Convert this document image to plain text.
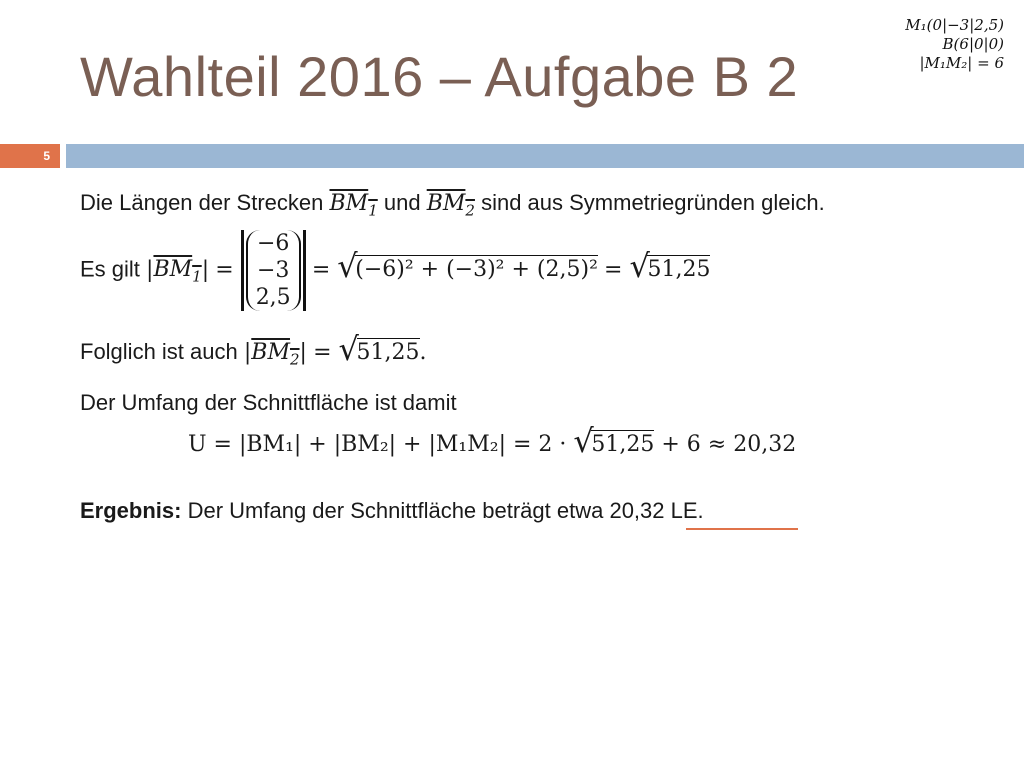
Wahlteil 2016 – Aufgabe B 2
M₁(0|−3|2,5)
B(6|0|0)
|M₁M₂| = 6
5
Die Längen der Strecken $BM_1$ und $BM_2$ sind aus Symmetriegründen gleich.
Es gilt $|BM_1|$ =
−6
−3
2,5
= √ (−6)² + (−3)² + (2,5)² = √ 51,25
Folglich ist auch $|BM_2|$ = √ 51,25.
Der Umfang der Schnittfläche ist damit
U = |BM₁| + |BM₂| + |M₁M₂| = 2 · √ 51,25 + 6 ≈ 20,32
Ergebnis: Der Umfang der Schnittfläche beträgt etwa 20,32 LE.
